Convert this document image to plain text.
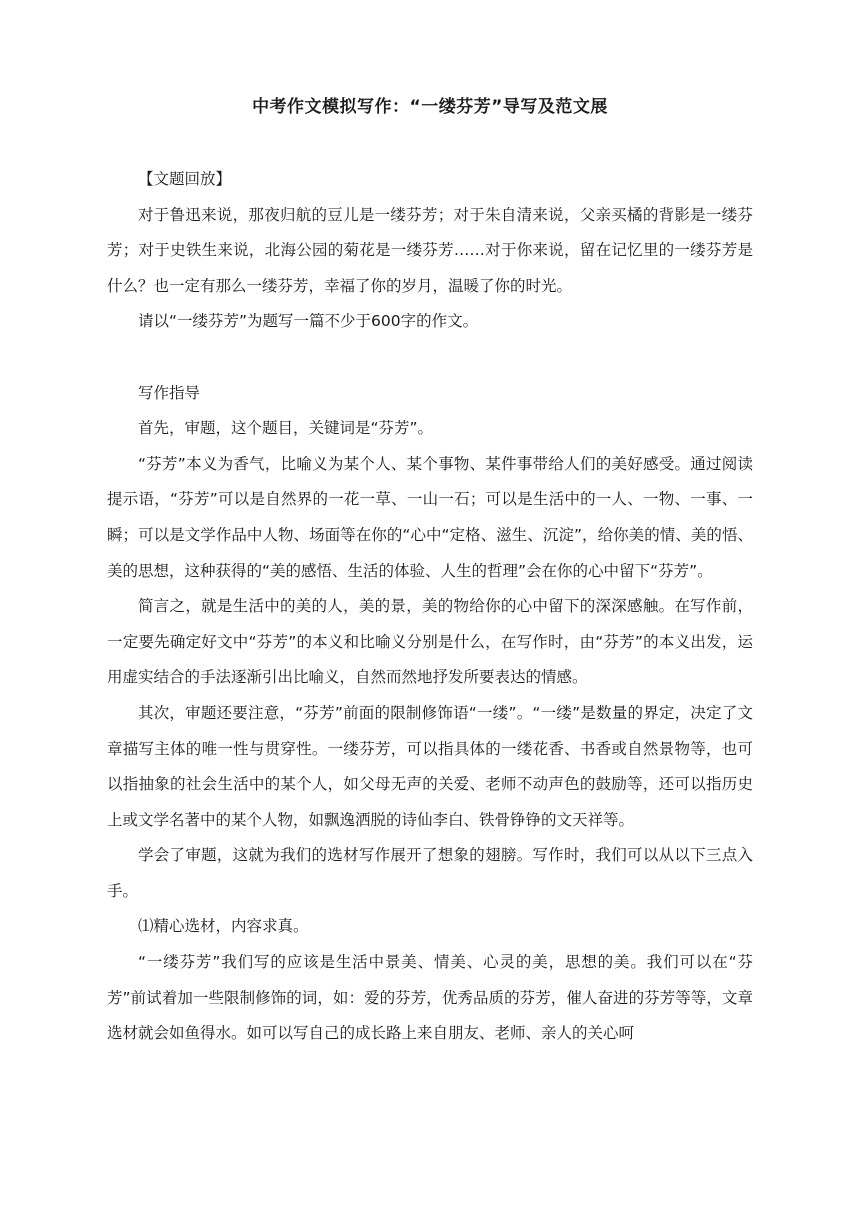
中考作文模拟写作：“一缕芬芳”导写及范文展

【文题回放】

对于鲁迅来说，那夜归航的豆儿是一缕芬芳；对于朱自清来说，父亲买橘的背影是一缕芬芳；对于史铁生来说，北海公园的菊花是一缕芬芳……对于你来说，留在记忆里的一缕芬芳是什么？也一定有那么一缕芬芳，幸福了你的岁月，温暖了你的时光。

请以“一缕芬芳”为题写一篇不少于600字的作文。

写作指导

首先，审题，这个题目，关键词是“芬芳”。

“芬芳”本义为香气，比喻义为某个人、某个事物、某件事带给人们的美好感受。通过阅读提示语，“芬芳”可以是自然界的一花一草、一山一石；可以是生活中的一人、一物、一事、一瞬；可以是文学作品中人物、场面等在你的“心中“定格、滋生、沉淀”，给你美的情、美的悟、美的思想，这种获得的“美的感悟、生活的体验、人生的哲理”会在你的心中留下“芬芳”。

简言之，就是生活中的美的人，美的景，美的物给你的心中留下的深深感触。在写作前，一定要先确定好文中“芬芳”的本义和比喻义分别是什么，在写作时，由“芬芳”的本义出发，运用虚实结合的手法逐渐引出比喻义，自然而然地抒发所要表达的情感。

其次，审题还要注意，“芬芳”前面的限制修饰语“一缕”。“一缕”是数量的界定，决定了文章描写主体的唯一性与贯穿性。一缕芬芳，可以指具体的一缕花香、书香或自然景物等，也可以指抽象的社会生活中的某个人，如父母无声的关爱、老师不动声色的鼓励等，还可以指历史上或文学名著中的某个人物，如飘逸洒脱的诗仙李白、铁骨铮铮的文天祥等。

学会了审题，这就为我们的选材写作展开了想象的翅膀。写作时，我们可以从以下三点入手。

⑴精心选材，内容求真。

“一缕芬芳”我们写的应该是生活中景美、情美、心灵的美，思想的美。我们可以在“芬芳”前试着加一些限制修饰的词，如：爱的芬芳，优秀品质的芬芳，催人奋进的芬芳等等，文章选材就会如鱼得水。如可以写自己的成长路上来自朋友、老师、亲人的关心呵
